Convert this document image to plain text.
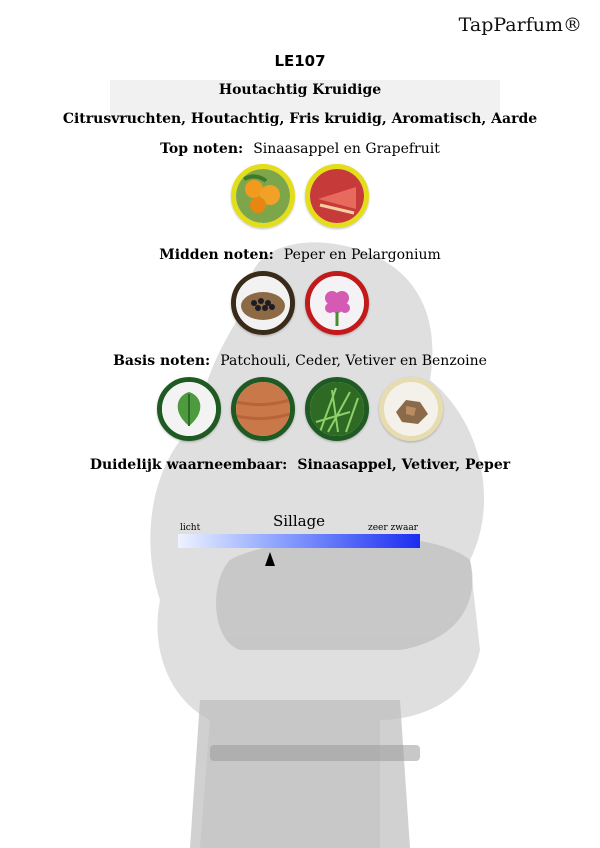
TapParfum®
LE107
Houtachtig Kruidige
Citrusvruchten, Houtachtig, Fris kruidig, Aromatisch, Aarde
Top noten: Sinaasappel en Grapefruit
Midden noten: Peper en Pelargonium
Basis noten: Patchouli, Ceder, Vetiver en Benzoine
Duidelijk waarneembaar: Sinaasappel, Vetiver, Peper
Sillage
licht	zeer zwaar
